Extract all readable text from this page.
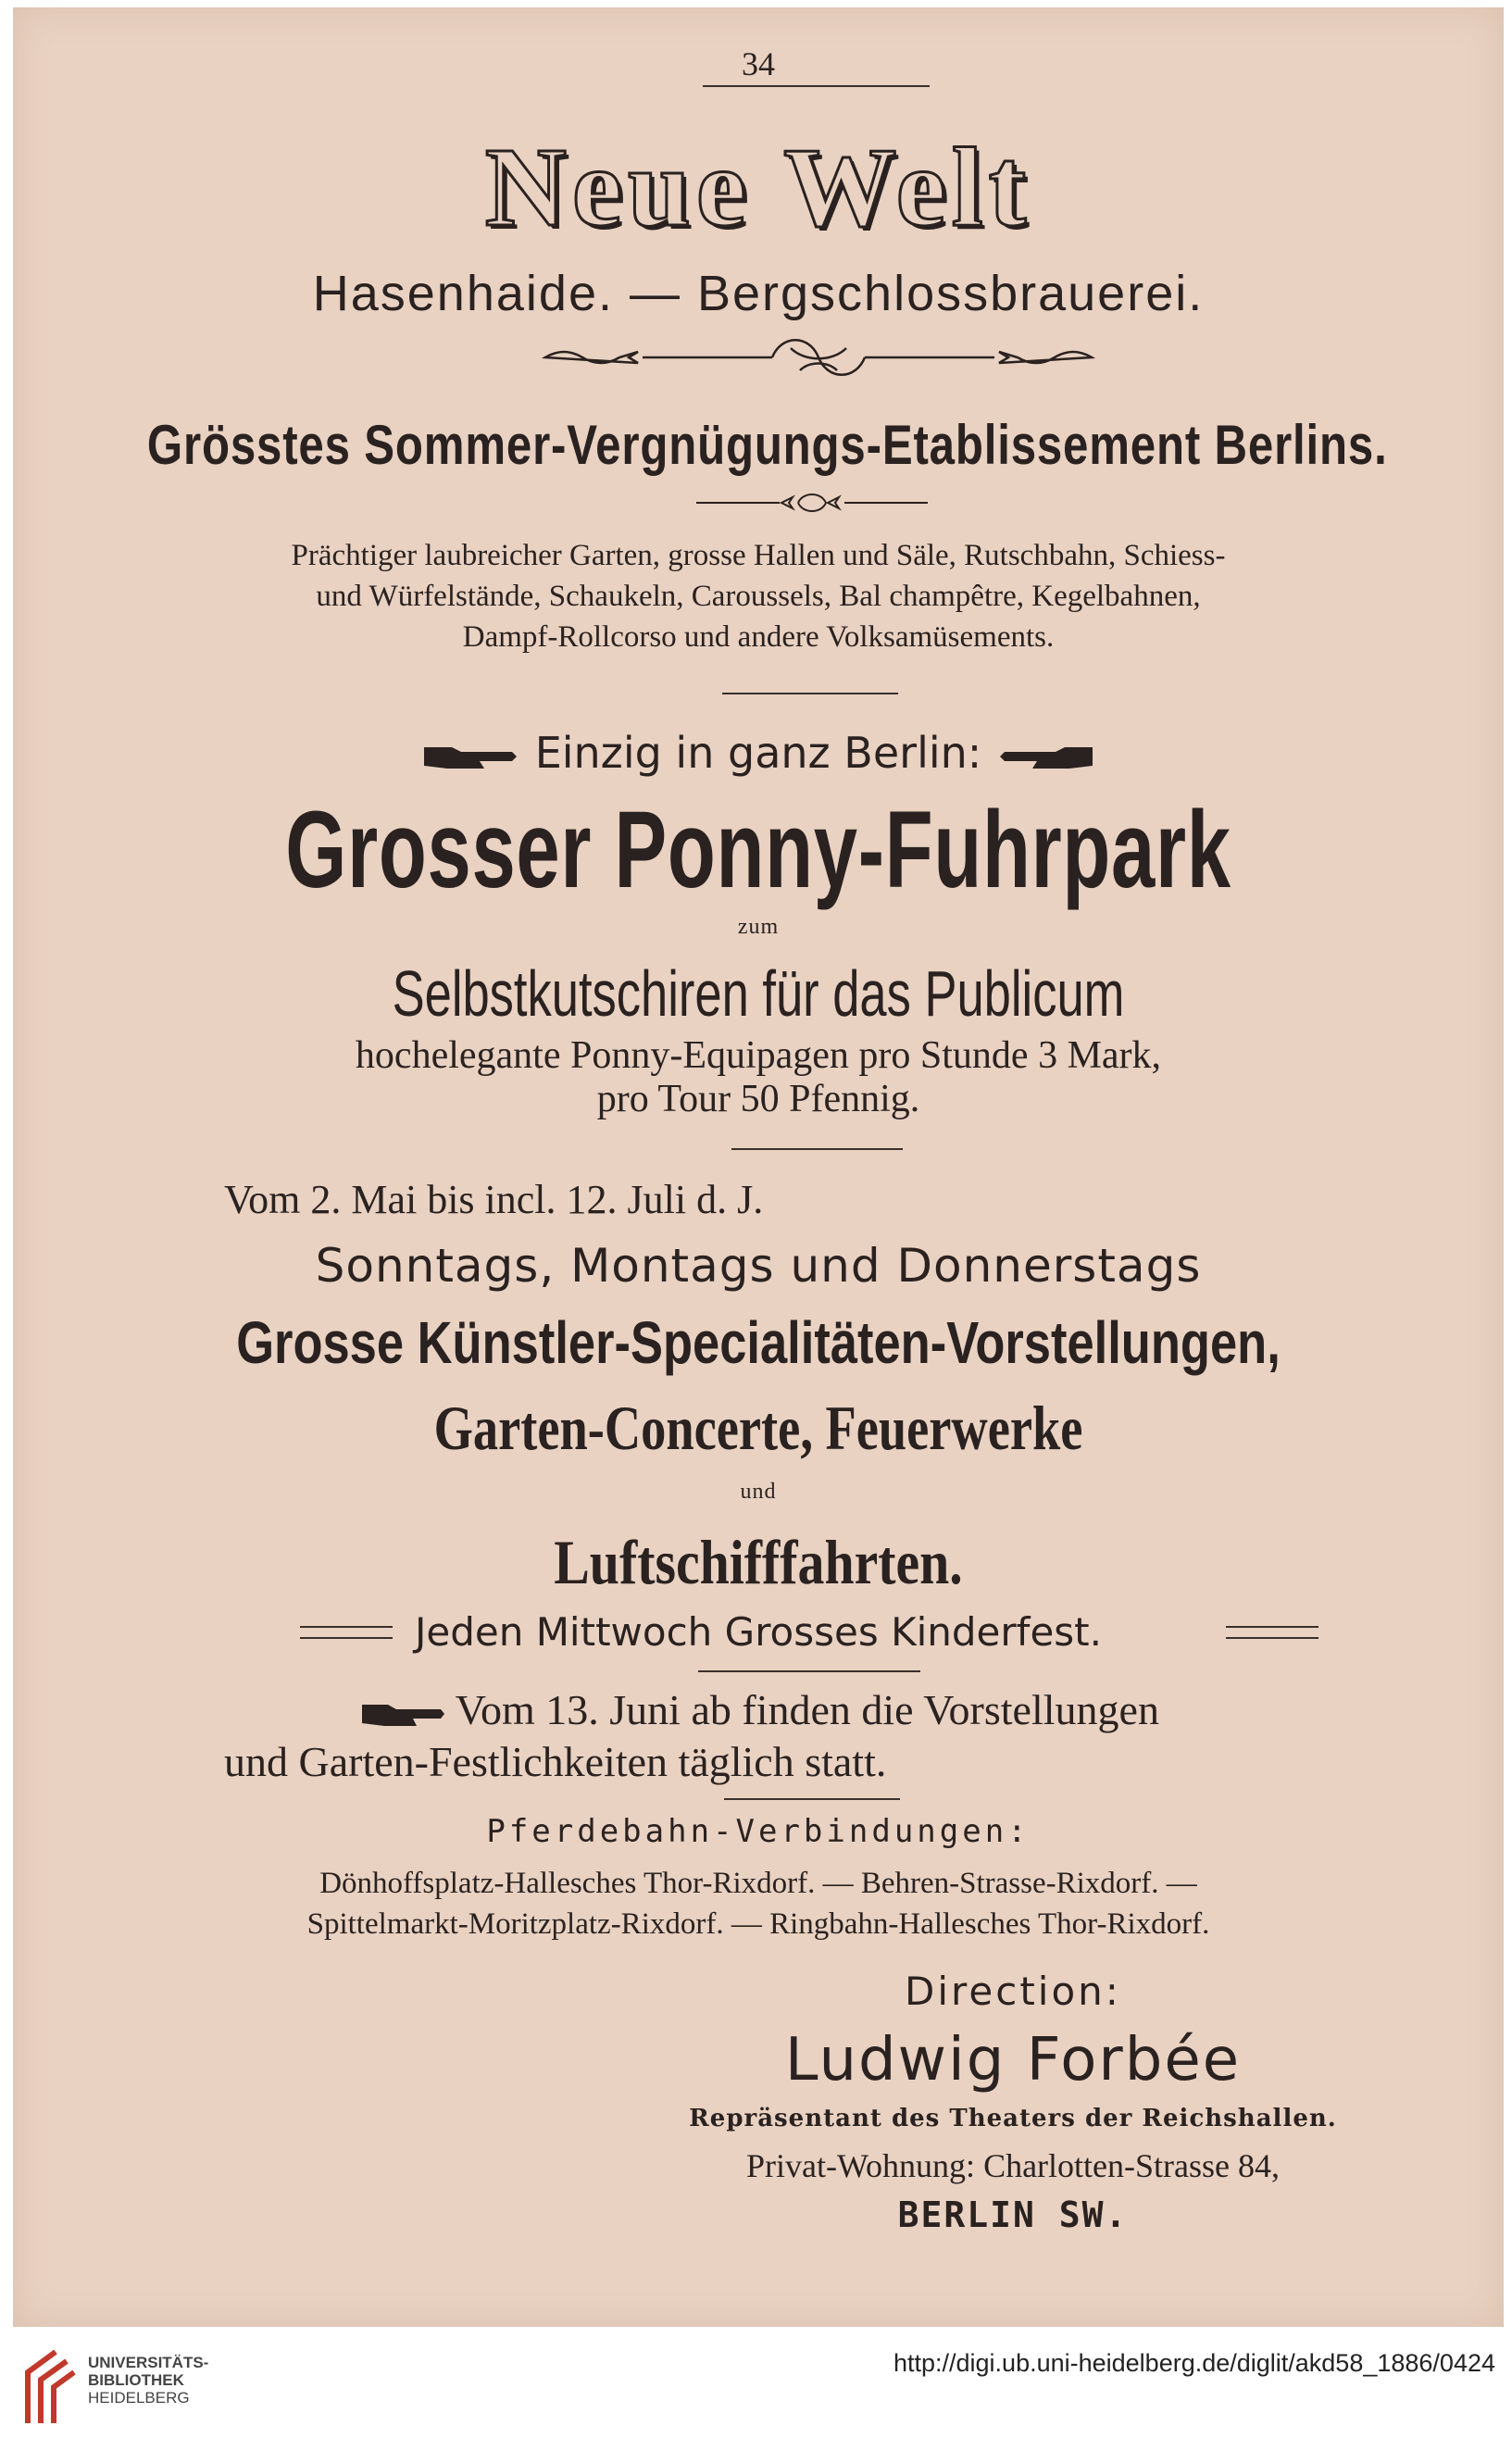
34
Neue Welt
Hasenhaide. — Bergschlossbrauerei.
Grösstes Sommer-Vergnügungs-Etablissement Berlins.
Prächtiger laubreicher Garten, grosse Hallen und Säle, Rutschbahn, Schiess-
und Würfelstände, Schaukeln, Caroussels, Bal champêtre, Kegelbahnen,
Dampf-Rollcorso und andere Volksamüsements.
Einzig in ganz Berlin:
Grosser Ponny-Fuhrpark
zum
Selbstkutschiren für das Publicum
hochelegante Ponny-Equipagen pro Stunde 3 Mark,
pro Tour 50 Pfennig.
Vom 2. Mai bis incl. 12. Juli d. J.
Sonntags, Montags und Donnerstags
Grosse Künstler-Specialitäten-Vorstellungen,
Garten-Concerte, Feuerwerke
und
Luftschifffahrten.
Jeden Mittwoch Grosses Kinderfest.
Vom 13. Juni ab finden die Vorstellungen
und Garten-Festlichkeiten täglich statt.
Pferdebahn-Verbindungen:
Dönhoffsplatz-Hallesches Thor-Rixdorf. — Behren-Strasse-Rixdorf. —
Spittelmarkt-Moritzplatz-Rixdorf. — Ringbahn-Hallesches Thor-Rixdorf.
Direction:
Ludwig Forbée
Repräsentant des Theaters der Reichshallen.
Privat-Wohnung: Charlotten-Strasse 84,
BERLIN SW.
UNIVERSITÄTS-
BIBLIOTHEK
HEIDELBERG
http://digi.ub.uni-heidelberg.de/diglit/akd58_1886/0424
